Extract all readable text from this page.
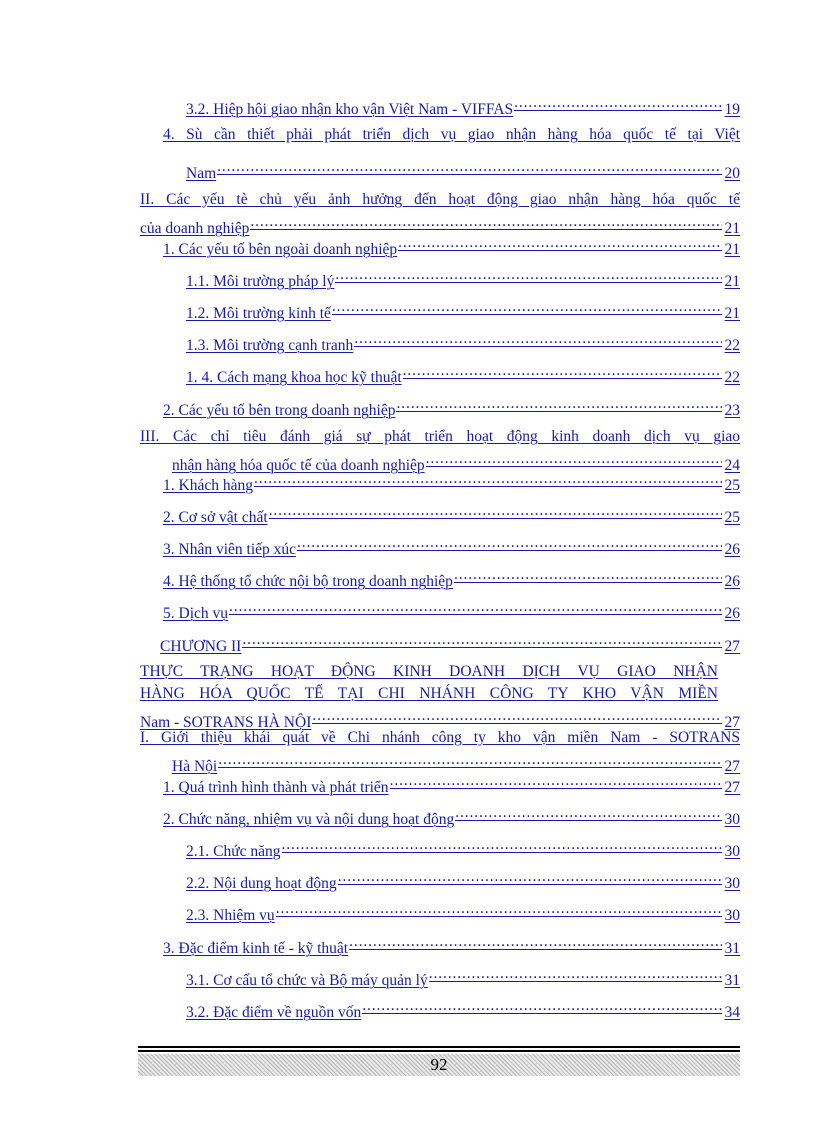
3.2. Hiệp hội giao nhận kho vận Việt Nam - VIFFAS . . .	19
4. Sù cần thiết phải phát triển dịch vụ giao nhận hàng hóa quốc tế tại Việt
Nam . . .	20
II. Các yếu tè chủ yếu ảnh hưởng đến hoạt động giao nhận hàng hóa quốc tế
của doanh nghiệp . . .	21
1. Các yếu tố bên ngoài doanh nghiệp . . .	21
1.1. Môi trường pháp lý . . .	21
1.2. Môi trường kinh tế . . .	21
1.3. Môi trường cạnh tranh . . .	22
1. 4. Cách mạng khoa học kỹ thuật . . .	22
2. Các yếu tố bên trong doanh nghiệp . . .	23
III. Các chỉ tiêu đánh giá sự phát triển hoạt động kinh doanh dịch vụ giao
nhận hàng hóa quốc tế của doanh nghiệp . . .	24
1. Khách hàng . . .	25
2. Cơ sở vật chất . . .	25
3. Nhân viên tiếp xúc . . .	26
4. Hệ thống tổ chức nội bộ trong doanh nghiệp . . .	26
5. Dịch vụ . . .	26
CHƯƠNG II . . .	27
THỰC TRẠNG HOẠT ĐỘNG KINH DOANH DỊCH VỤ GIAO NHẬN
HÀNG HÓA QUỐC TẾ TẠI CHI NHÁNH CÔNG TY KHO VẬN MIỀN
Nam - SOTRANS HÀ NỘI . . .	27
I. Giới thiệu khái quát về Chi nhánh công ty kho vận miền Nam - SOTRANS
Hà Nội . . .	27
1. Quá trình hình thành và phát triển . . .	27
2. Chức năng, nhiệm vụ và nội dung hoạt động . . .	30
2.1. Chức năng . . .	30
2.2. Nội dung hoạt động . . .	30
2.3. Nhiệm vụ . . .	30
3. Đặc điểm kinh tế - kỹ thuật . . .	31
3.1. Cơ cấu tổ chức và Bộ máy quản lý . . .	31
3.2. Đặc điểm về nguồn vốn . . .	34
92
